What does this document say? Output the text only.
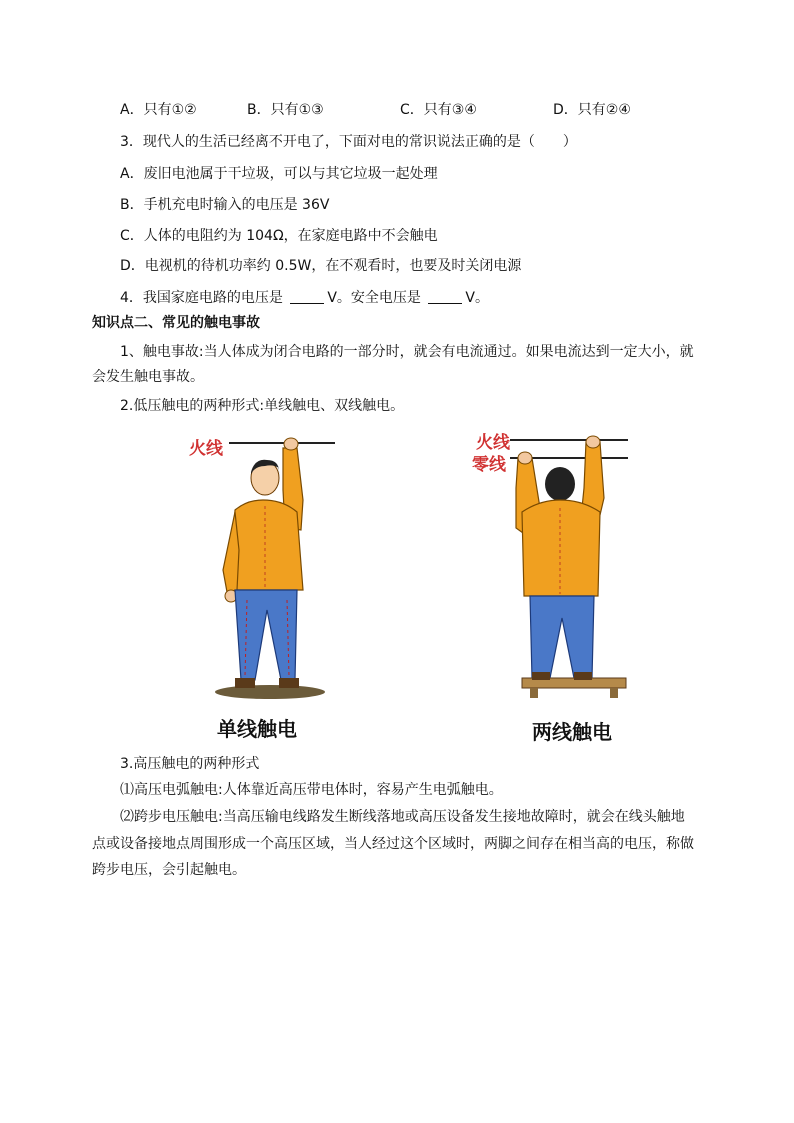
A．只有①②	B．只有①③	C．只有③④	D．只有②④
3．现代人的生活已经离不开电了，下面对电的常识说法正确的是（　　）
A．废旧电池属于干垃圾，可以与其它垃圾一起处理
B．手机充电时输入的电压是 36V
C．人体的电阻约为 104Ω，在家庭电路中不会触电
D．电视机的待机功率约 0.5W，在不观看时，也要及时关闭电源
4．我国家庭电路的电压是	V。安全电压是	V。
知识点二、常见的触电事故
1、触电事故:当人体成为闭合电路的一部分时，就会有电流通过。如果电流达到一定大小，就
会发生触电事故。
2.低压触电的两种形式:单线触电、双线触电。
单线触电
火线	火线
零线
两线触电
3.高压触电的两种形式
⑴高压电弧触电:人体靠近高压带电体时，容易产生电弧触电。
⑵跨步电压触电:当高压输电线路发生断线落地或高压设备发生接地故障时，就会在线头触地
点或设备接地点周围形成一个高压区域，当人经过这个区域时，两脚之间存在相当高的电压，称做
跨步电压，会引起触电。
